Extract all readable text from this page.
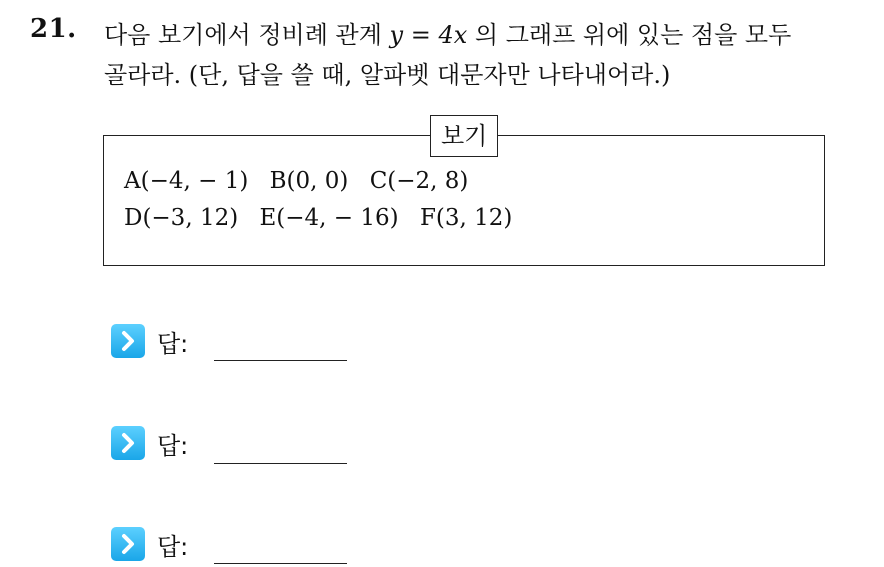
21. 다음 보기에서 정비례 관계 y = 4x 의 그래프 위에 있는 점을 모두
골라라. (단, 답을 쓸 때, 알파벳 대문자만 나타내어라.)
보기
A(−4, − 1) B(0, 0) C(−2, 8)
D(−3, 12) E(−4, − 16) F(3, 12)
답:
답:
답:
